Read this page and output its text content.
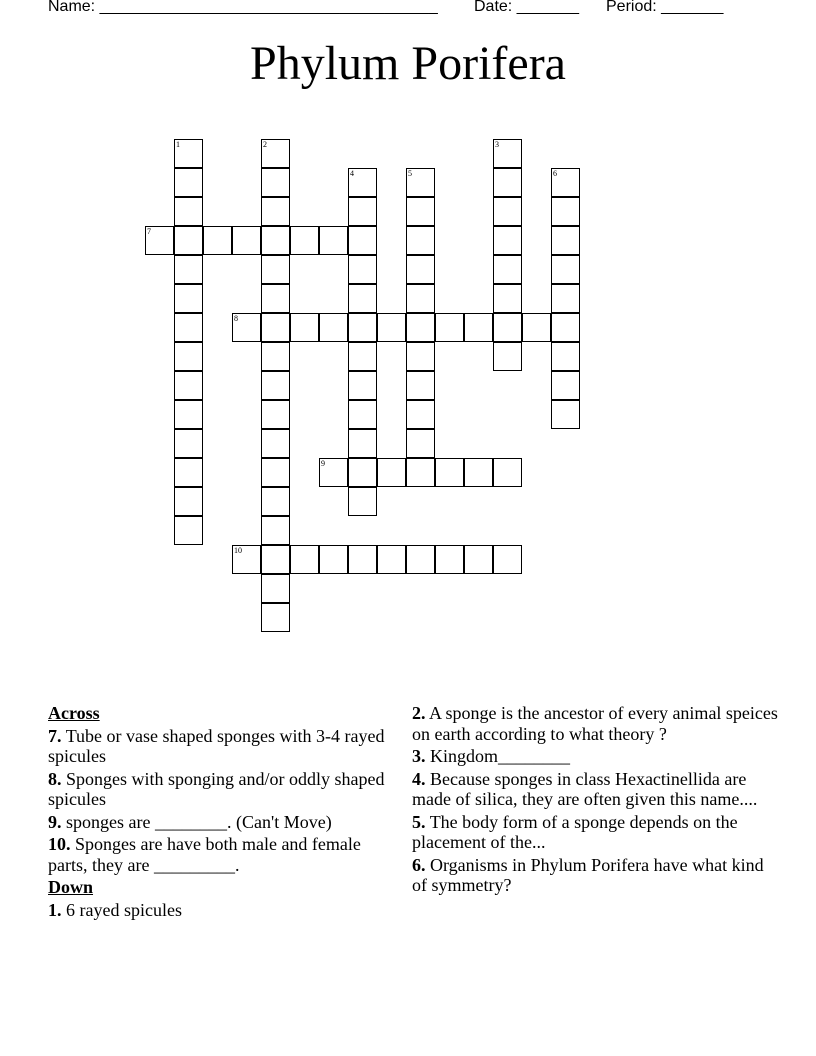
Name: ______________________________________ Date: _______ Period: _______
Phylum Porifera
1	2	3
4	5	6
7
8
9
10
Across
7. Tube or vase shaped sponges with 3-4 rayed spicules
8. Sponges with sponging and/or oddly shaped spicules
9. sponges are ________. (Can't Move)
10. Sponges are have both male and female parts, they are _________.
Down
1. 6 rayed spicules
2. A sponge is the ancestor of every animal speices on earth according to what theory ?
3. Kingdom________
4. Because sponges in class Hexactinellida are made of silica, they are often given this name....
5. The body form of a sponge depends on the placement of the...
6. Organisms in Phylum Porifera have what kind of symmetry?
